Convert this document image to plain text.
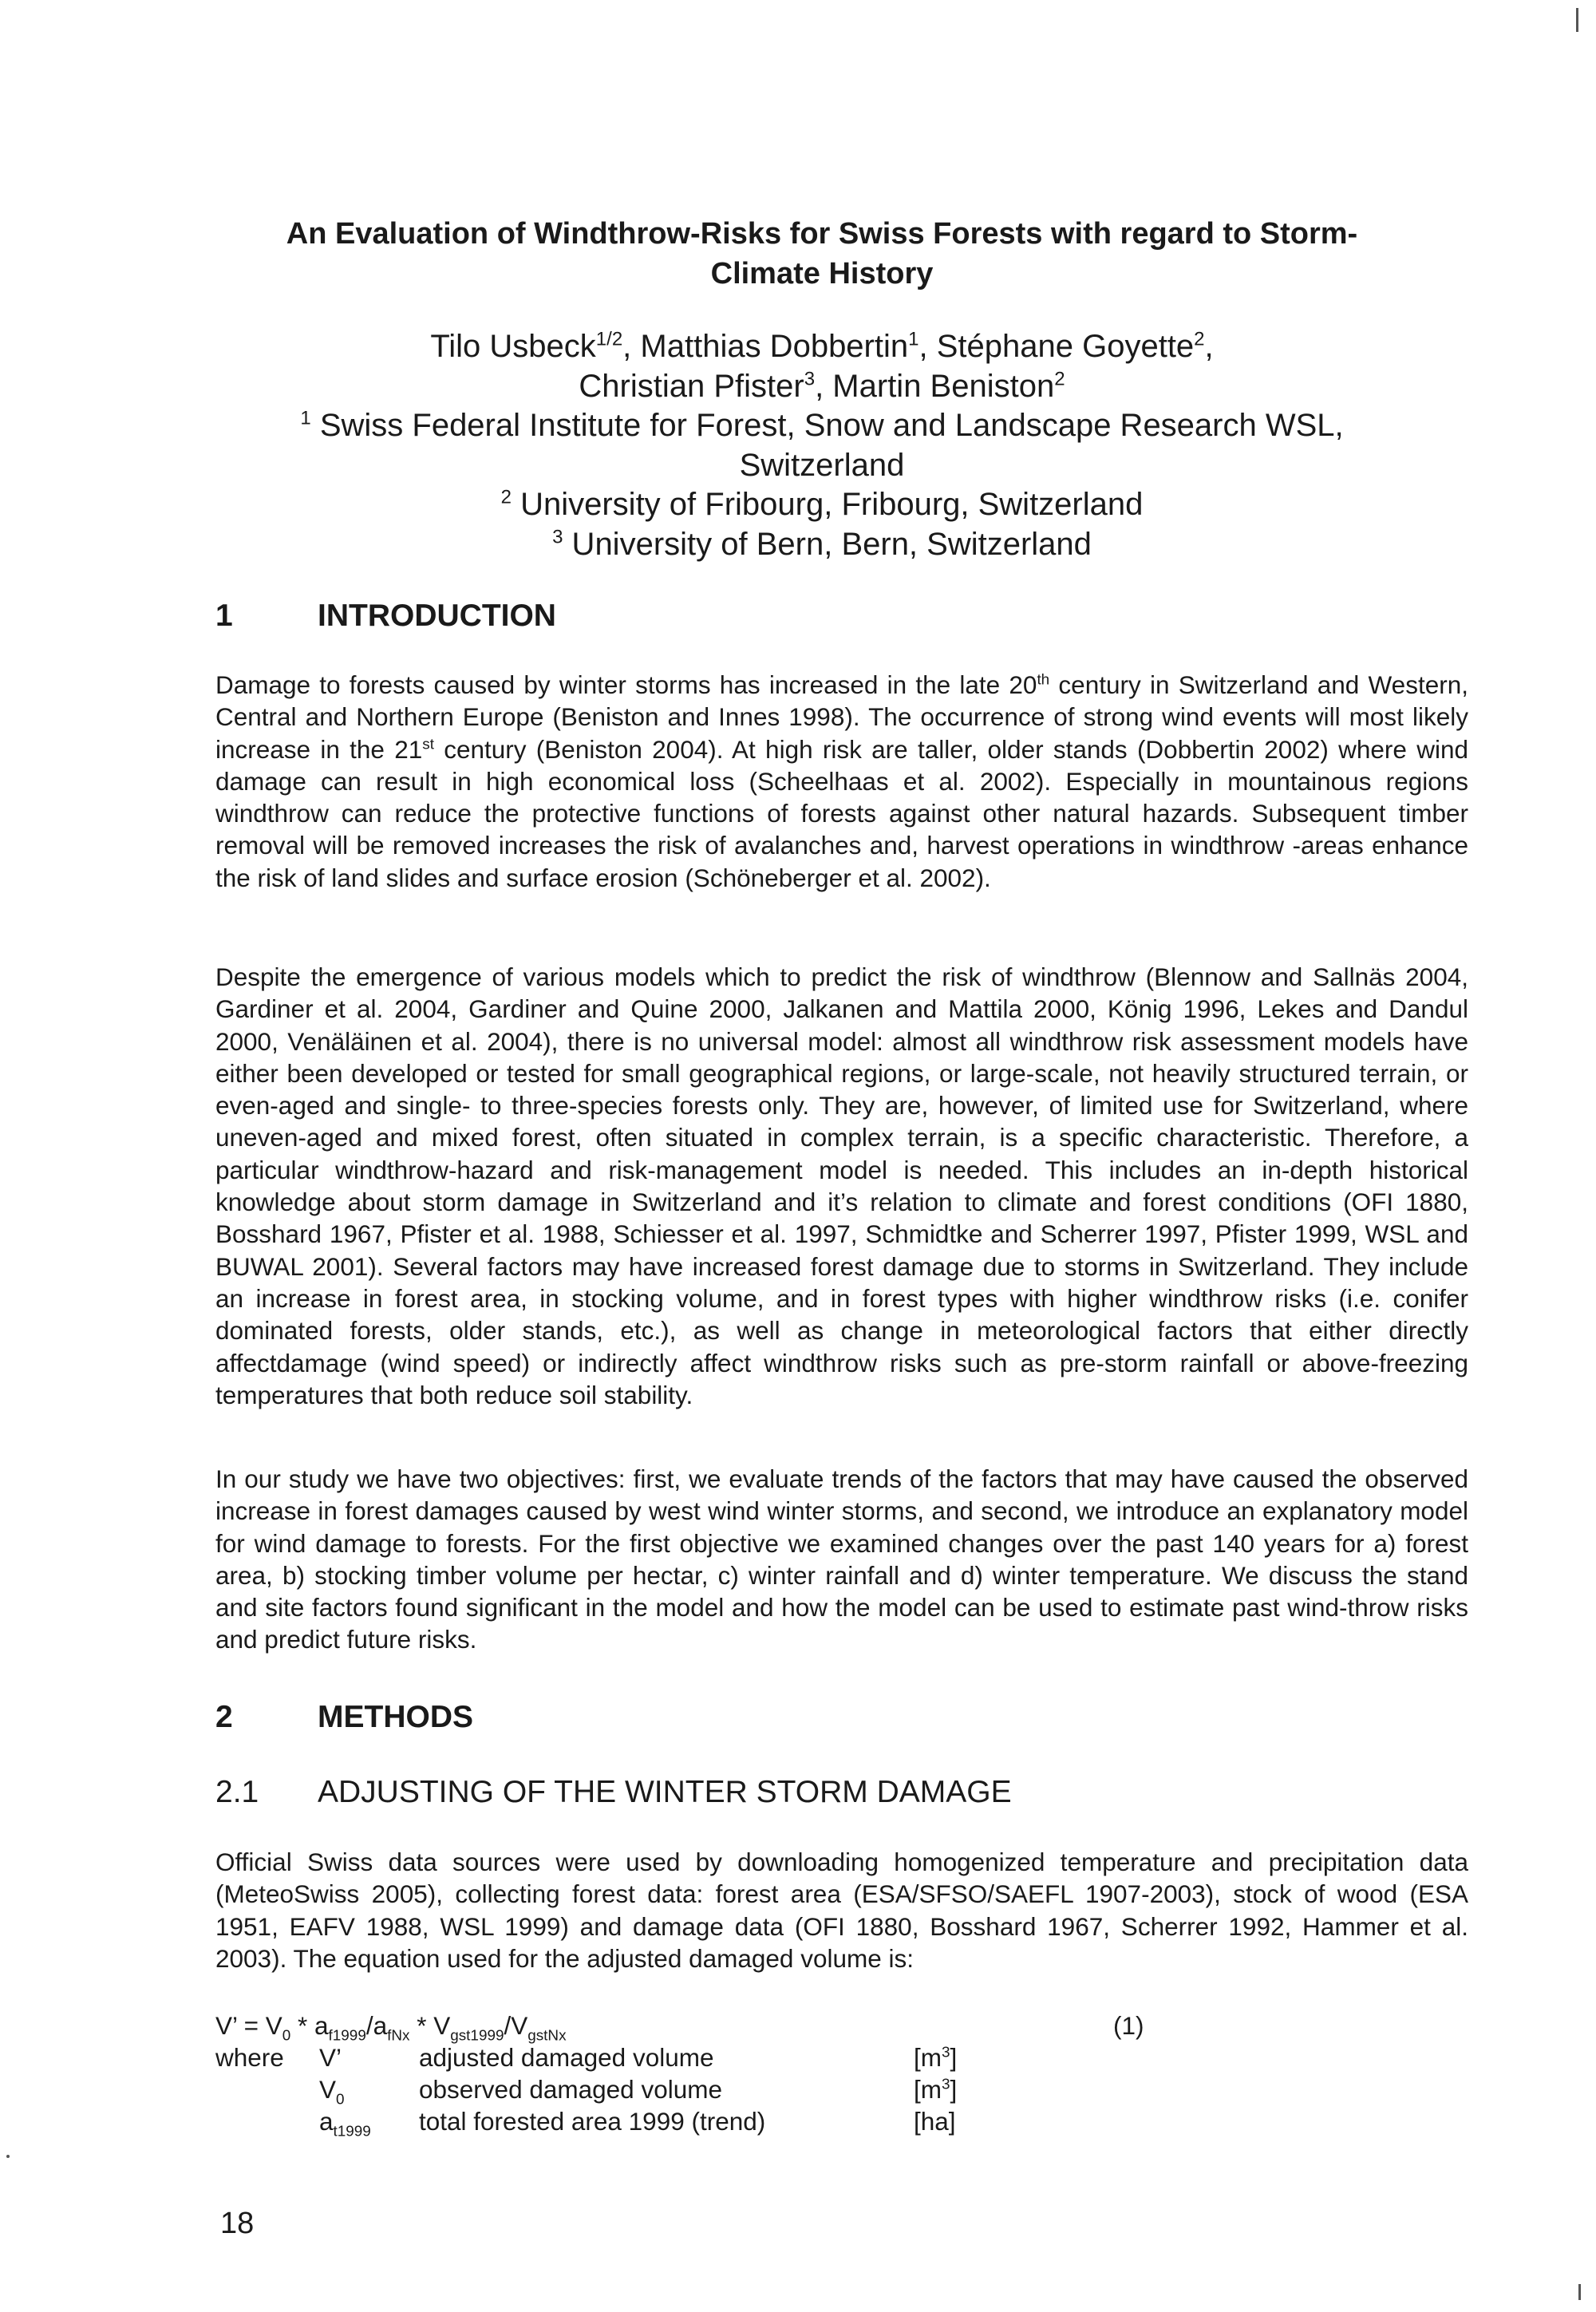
An Evaluation of Windthrow-Risks for Swiss Forests with regard to Storm-
Climate History
Tilo Usbeck$^{1/2}$, Matthias Dobbertin$^1$, Stéphane Goyette$^2$,
Christian Pfister$^3$, Martin Beniston$^2$
$^1$ Swiss Federal Institute for Forest, Snow and Landscape Research WSL,
Switzerland
$^2$ University of Fribourg, Fribourg, Switzerland
$^3$ University of Bern, Bern, Switzerland
1	INTRODUCTION
Damage to forests caused by winter storms has increased in the late 20th century in Switzerland and Western, Central and Northern Europe (Beniston and Innes 1998). The occurrence of strong wind events will most likely increase in the 21st century (Beniston 2004). At high risk are taller, older stands (Dobbertin 2002) where wind damage can result in high economical loss (Scheelhaas et al. 2002). Especially in mountainous regions windthrow can reduce the protective functions of forests against other natural hazards. Subsequent timber removal will be removed increases the risk of avalanches and, harvest operations in windthrow -areas enhance the risk of land slides and surface erosion (Schöneberger et al. 2002).
Despite the emergence of various models which to predict the risk of windthrow (Blennow and Sallnäs 2004, Gardiner et al. 2004, Gardiner and Quine 2000, Jalkanen and Mattila 2000, König 1996, Lekes and Dandul 2000, Venäläinen et al. 2004), there is no universal model: almost all windthrow risk assessment models have either been developed or tested for small geographical regions, or large-scale, not heavily structured terrain, or even-aged and single- to three-species forests only. They are, however, of limited use for Switzerland, where uneven-aged and mixed forest, often situated in complex terrain, is a specific characteristic. Therefore, a particular windthrow-hazard and risk-management model is needed. This includes an in-depth historical knowledge about storm damage in Switzerland and it’s relation to climate and forest conditions (OFI 1880, Bosshard 1967, Pfister et al. 1988, Schiesser et al. 1997, Schmidtke and Scherrer 1997, Pfister 1999, WSL and BUWAL 2001). Several factors may have increased forest damage due to storms in Switzerland. They include an increase in forest area, in stocking volume, and in forest types with higher windthrow risks (i.e. conifer dominated forests, older stands, etc.), as well as change in meteorological factors that either directly affectdamage (wind speed) or indirectly affect windthrow risks such as pre-storm rainfall or above-freezing temperatures that both reduce soil stability.
In our study we have two objectives: first, we evaluate trends of the factors that may have caused the observed increase in forest damages caused by west wind winter storms, and second, we introduce an explanatory model for wind damage to forests. For the first objective we examined changes over the past 140 years for a) forest area, b) stocking timber volume per hectar, c) winter rainfall and d) winter temperature. We discuss the stand and site factors found significant in the model and how the model can be used to estimate past wind-throw risks and predict future risks.
2	METHODS
2.1 ADJUSTING OF THE WINTER STORM DAMAGE
Official Swiss data sources were used by downloading homogenized temperature and precipitation data (MeteoSwiss 2005), collecting forest data: forest area (ESA/SFSO/SAEFL 1907-2003), stock of wood (ESA 1951, EAFV 1988, WSL 1999) and damage data (OFI 1880, Bosshard 1967, Scherrer 1992, Hammer et al. 2003). The equation used for the adjusted damaged volume is:
V’ = $V_0 * a_{f1999}/a_{fNx} * V_{gst1999}/V_{gstNx}$	(1)
where V’	adjusted damaged volume	$[m^3]$
$V_0$	observed damaged volume	$[m^3]$
$a_{t1999}$ total forested area 1999 (trend)	[ha]
18
